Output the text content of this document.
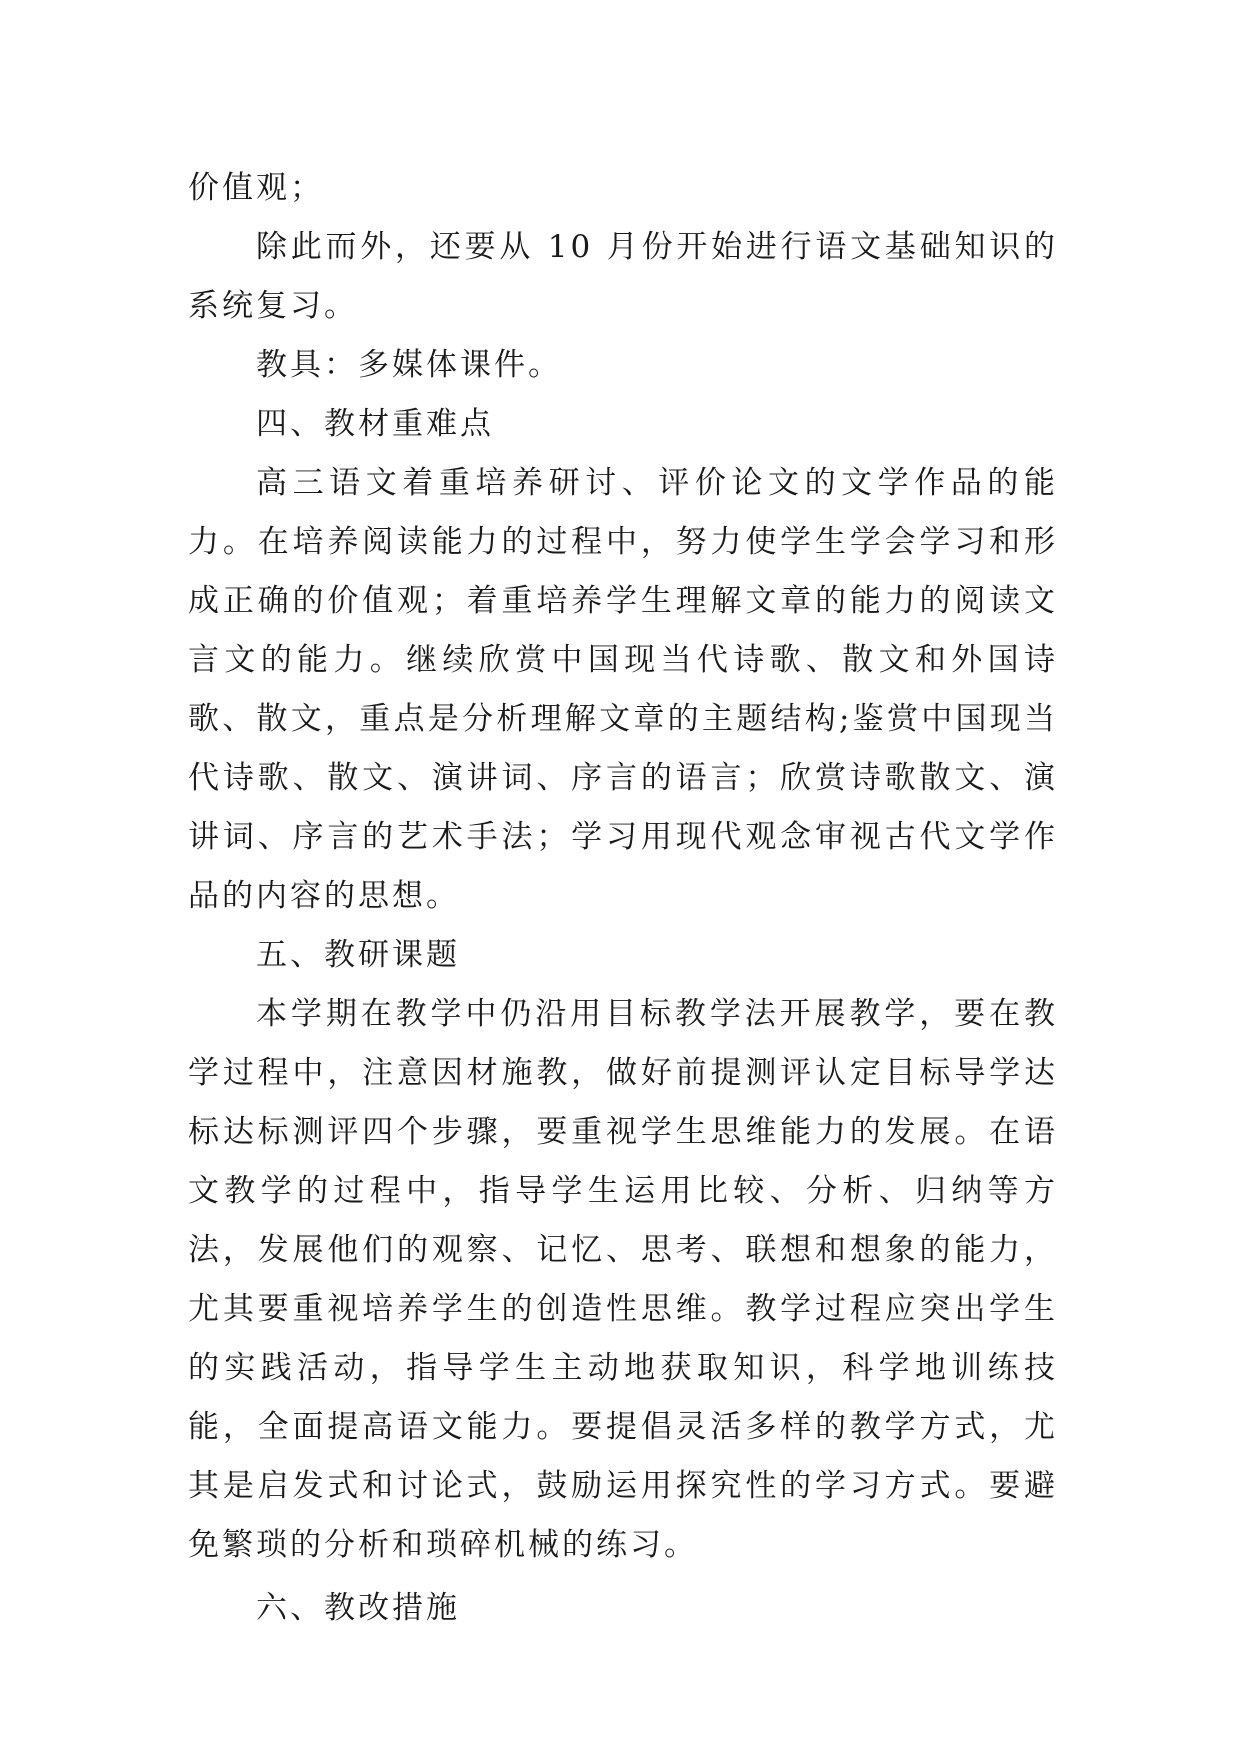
价值观；

除此而外，还要从 10 月份开始进行语文基础知识的系统复习。

教具：多媒体课件。

四、教材重难点

高三语文着重培养研讨、评价论文的文学作品的能力。在培养阅读能力的过程中，努力使学生学会学习和形成正确的价值观；着重培养学生理解文章的能力的阅读文言文的能力。继续欣赏中国现当代诗歌、散文和外国诗歌、散文，重点是分析理解文章的主题结构;鉴赏中国现当代诗歌、散文、演讲词、序言的语言；欣赏诗歌散文、演讲词、序言的艺术手法；学习用现代观念审视古代文学作品的内容的思想。

五、教研课题

本学期在教学中仍沿用目标教学法开展教学，要在教学过程中，注意因材施教，做好前提测评认定目标导学达标达标测评四个步骤，要重视学生思维能力的发展。在语文教学的过程中，指导学生运用比较、分析、归纳等方法，发展他们的观察、记忆、思考、联想和想象的能力，尤其要重视培养学生的创造性思维。教学过程应突出学生的实践活动，指导学生主动地获取知识，科学地训练技能，全面提高语文能力。要提倡灵活多样的教学方式，尤其是启发式和讨论式，鼓励运用探究性的学习方式。要避免繁琐的分析和琐碎机械的练习。

六、教改措施
